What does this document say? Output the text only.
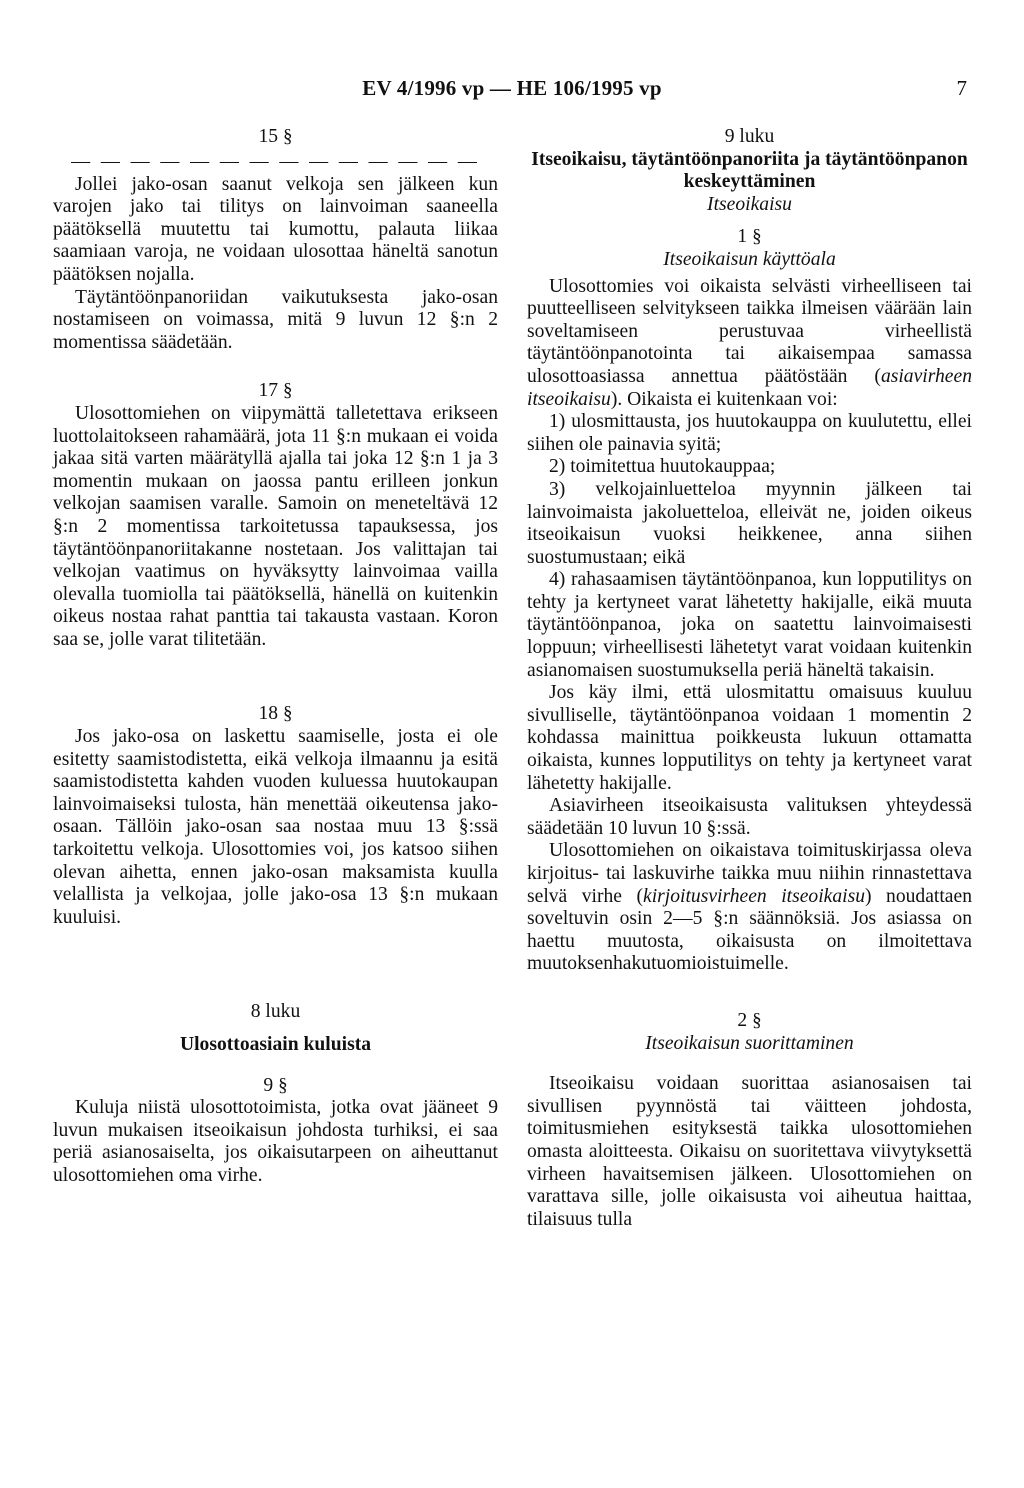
EV 4/1996 vp — HE 106/1995 vp	7
15 §
— — — — — — — — — — — — — —

Jollei jako-osan saanut velkoja sen jälkeen kun varojen jako tai tilitys on lainvoiman saaneella päätöksellä muutettu tai kumottu, palauta liikaa saamiaan varoja, ne voidaan ulosottaa häneltä sanotun päätöksen nojalla.

Täytäntöönpanoriidan vaikutuksesta jako-osan nostamiseen on voimassa, mitä 9 luvun 12 §:n 2 momentissa säädetään.

17 §

Ulosottomiehen on viipymättä talletettava erikseen luottolaitokseen rahamäärä, jota 11 §:n mukaan ei voida jakaa sitä varten määrätyllä ajalla tai joka 12 §:n 1 ja 3 momentin mukaan on jaossa pantu erilleen jonkun velkojan saamisen varalle. Samoin on meneteltävä 12 §:n 2 momentissa tarkoitetussa tapauksessa, jos täytäntöönpanoriitakanne nostetaan. Jos valittajan tai velkojan vaatimus on hyväksytty lainvoimaa vailla olevalla tuomiolla tai päätöksellä, hänellä on kuitenkin oikeus nostaa rahat panttia tai takausta vastaan. Koron saa se, jolle varat tilitetään.

18 §

Jos jako-osa on laskettu saamiselle, josta ei ole esitetty saamistodistetta, eikä velkoja ilmaannu ja esitä saamistodistetta kahden vuoden kuluessa huutokaupan lainvoimaiseksi tulosta, hän menettää oikeutensa jako-osaan. Tällöin jako-osan saa nostaa muu 13 §:ssä tarkoitettu velkoja. Ulosottomies voi, jos katsoo siihen olevan aihetta, ennen jako-osan maksamista kuulla velallista ja velkojaa, jolle jako-osa 13 §:n mukaan kuuluisi.

8 luku
Ulosottoasiain kuluista
9 §

Kuluja niistä ulosottotoimista, jotka ovat jääneet 9 luvun mukaisen itseoikaisun johdosta turhiksi, ei saa periä asianosaiselta, jos oikaisutarpeen on aiheuttanut ulosottomiehen oma virhe.

9 luku
Itseoikaisu, täytäntöönpanoriita ja täytäntöönpanon keskeyttäminen
Itseoikaisu
1 §
Itseoikaisun käyttöala

Ulosottomies voi oikaista selvästi virheelliseen tai puutteelliseen selvitykseen taikka ilmeisen väärään lain soveltamiseen perustuvaa virheellistä täytäntöönpanotointa tai aikaisempaa samassa ulosottoasiassa annettua päätöstään (asiavirheen itseoikaisu). Oikaista ei kuitenkaan voi:

1) ulosmittausta, jos huutokauppa on kuulutettu, ellei siihen ole painavia syitä;

2) toimitettua huutokauppaa;

3) velkojainluetteloa myynnin jälkeen tai lainvoimaista jakoluetteloa, elleivät ne, joiden oikeus itseoikaisun vuoksi heikkenee, anna siihen suostumustaan; eikä

4) rahasaamisen täytäntöönpanoa, kun lopputilitys on tehty ja kertyneet varat lähetetty hakijalle, eikä muuta täytäntöönpanoa, joka on saatettu lainvoimaisesti loppuun; virheellisesti lähetetyt varat voidaan kuitenkin asianomaisen suostumuksella periä häneltä takaisin.

Jos käy ilmi, että ulosmitattu omaisuus kuuluu sivulliselle, täytäntöönpanoa voidaan 1 momentin 2 kohdassa mainittua poikkeusta lukuun ottamatta oikaista, kunnes lopputilitys on tehty ja kertyneet varat lähetetty hakijalle.

Asiavirheen itseoikaisusta valituksen yhteydessä säädetään 10 luvun 10 §:ssä.

Ulosottomiehen on oikaistava toimituskirjassa oleva kirjoitus- tai laskuvirhe taikka muu niihin rinnastettava selvä virhe (kirjoitusvirheen itseoikaisu) noudattaen soveltuvin osin 2—5 §:n säännöksiä. Jos asiassa on haettu muutosta, oikaisusta on ilmoitettava muutoksenhakutuomioistuimelle.

2 §
Itseoikaisun suorittaminen

Itseoikaisu voidaan suorittaa asianosaisen tai sivullisen pyynnöstä tai väitteen johdosta, toimitusmiehen esityksestä taikka ulosottomiehen omasta aloitteesta. Oikaisu on suoritettava viivytyksettä virheen havaitsemisen jälkeen. Ulosottomiehen on varattava sille, jolle oikaisusta voi aiheutua haittaa, tilaisuus tulla
